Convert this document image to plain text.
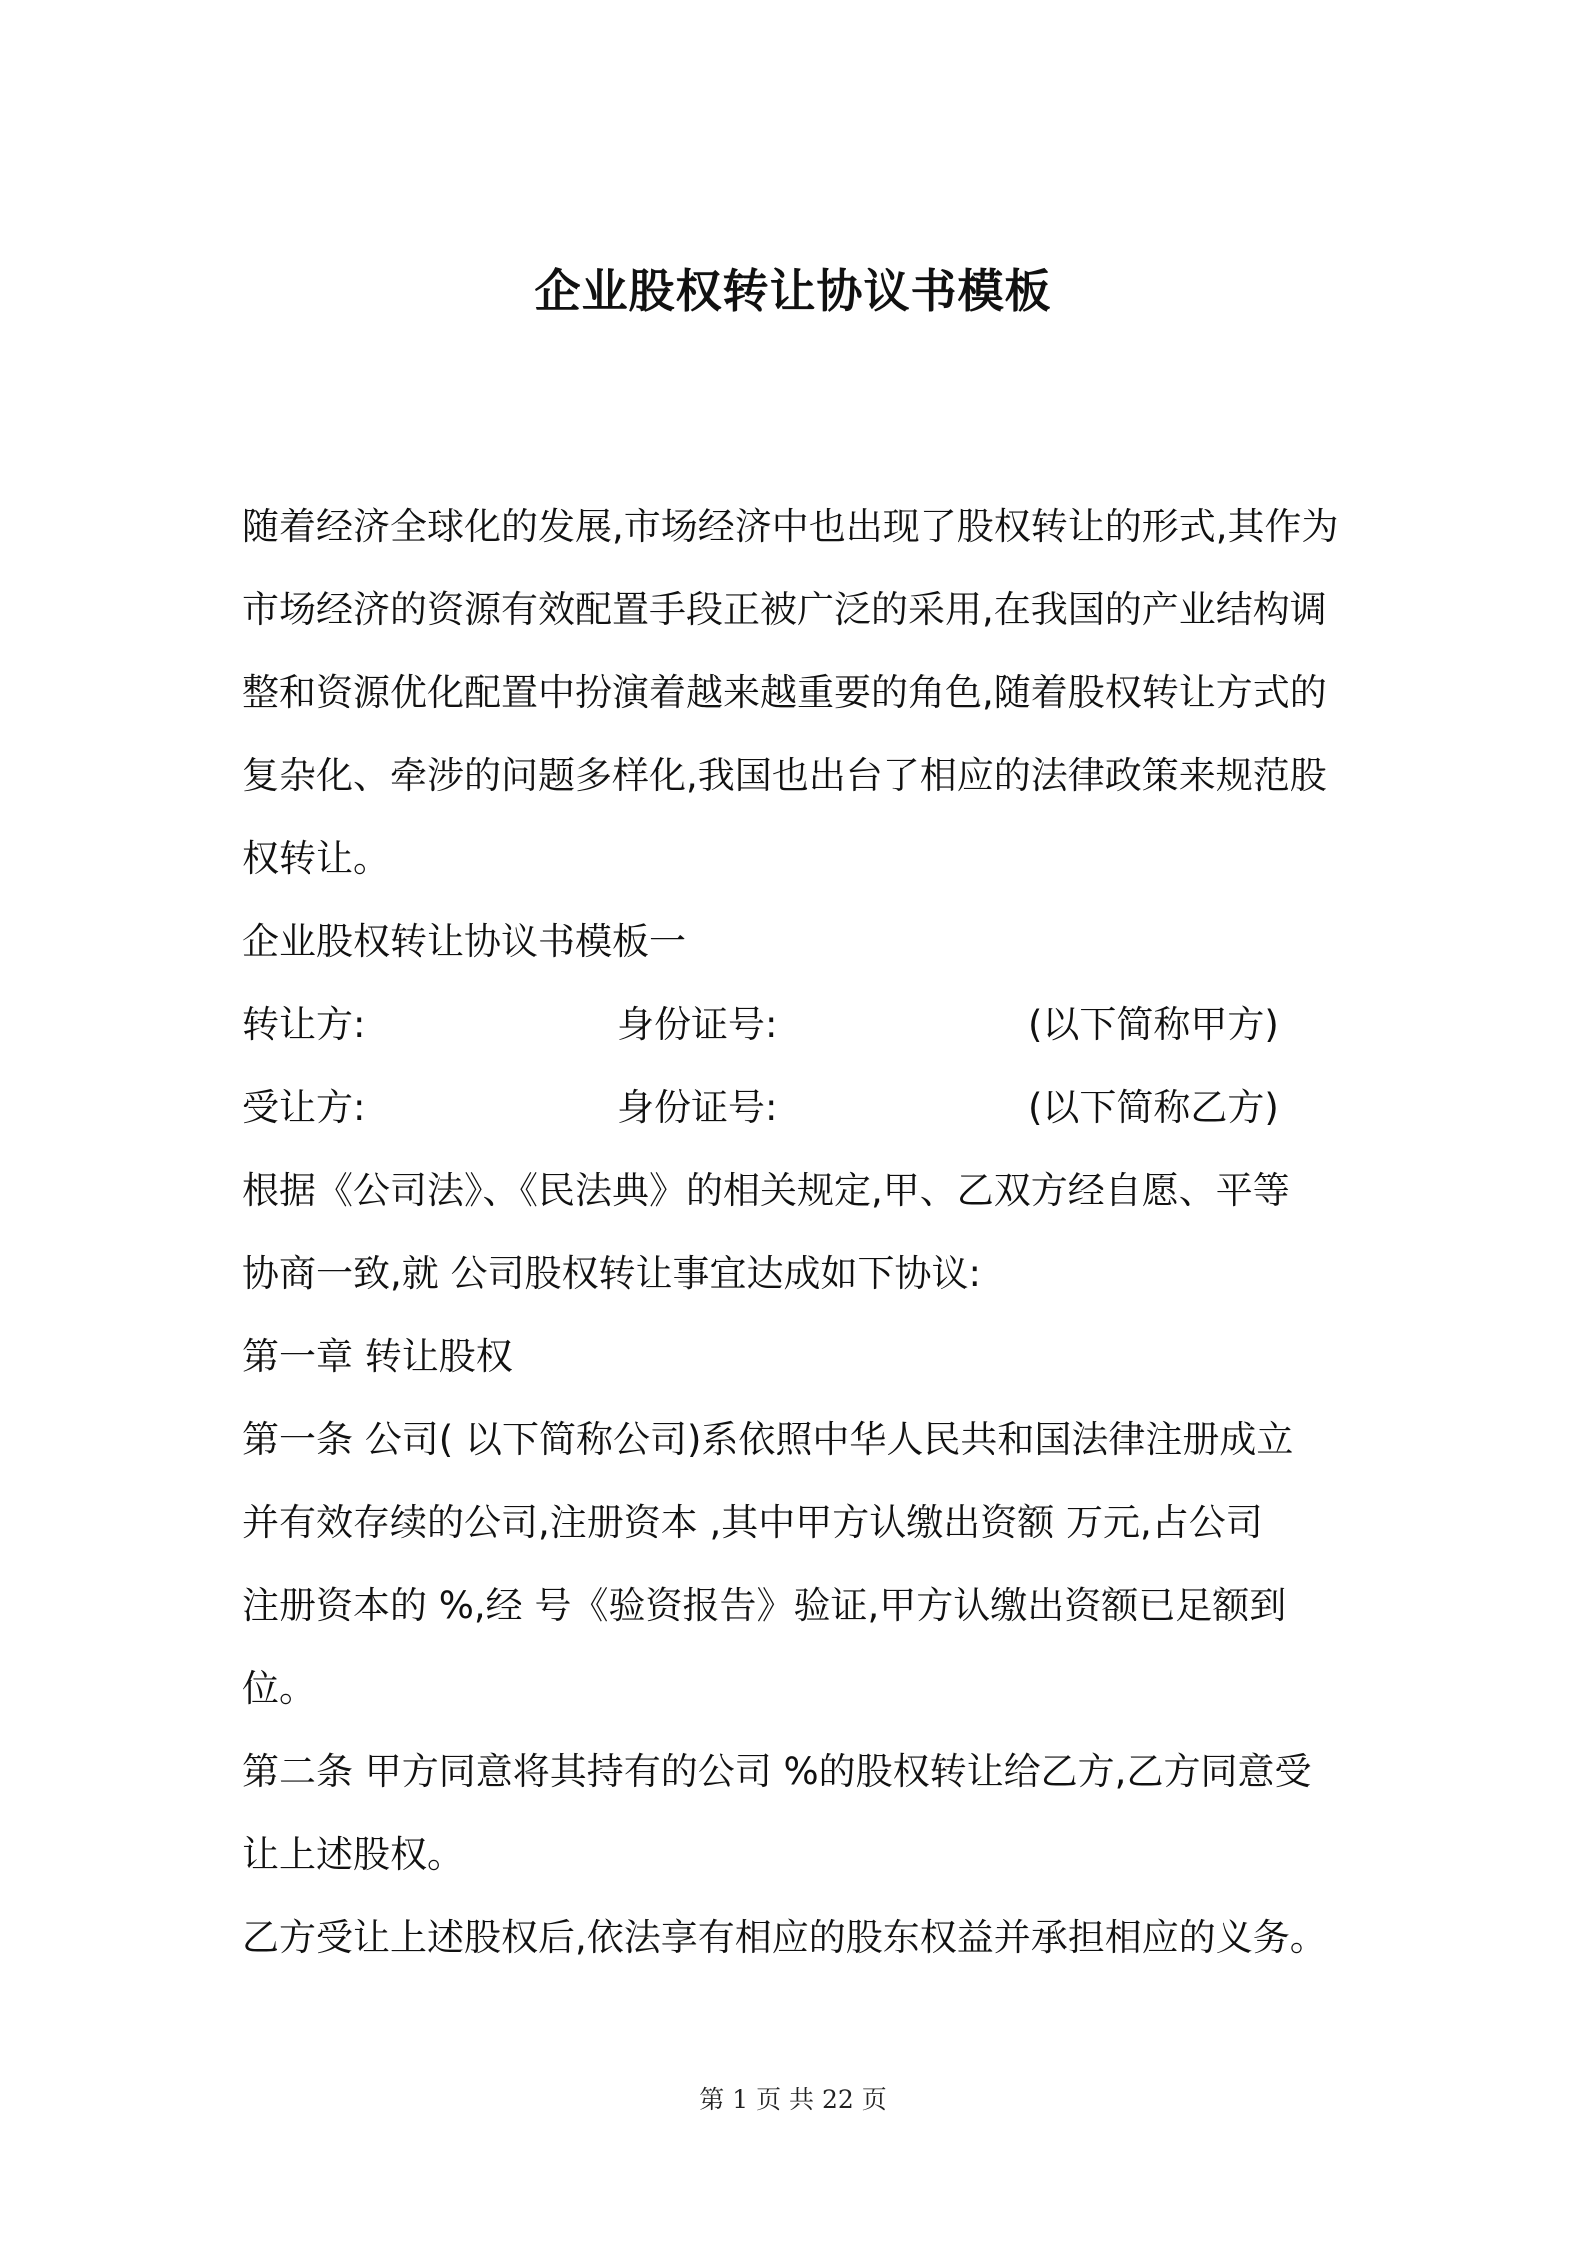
企业股权转让协议书模板
随着经济全球化的发展,市场经济中也出现了股权转让的形式,其作为
市场经济的资源有效配置手段正被广泛的采用,在我国的产业结构调
整和资源优化配置中扮演着越来越重要的角色,随着股权转让方式的
复杂化、牵涉的问题多样化,我国也出台了相应的法律政策来规范股
权转让。
企业股权转让协议书模板一
转让方:	身份证号:	(以下简称甲方)
受让方:	身份证号:	(以下简称乙方)
根据《公司法》、《民法典》的相关规定,甲、乙双方经自愿、平等
协商一致,就 公司股权转让事宜达成如下协议:
第一章 转让股权
第一条 公司( 以下简称公司)系依照中华人民共和国法律注册成立
并有效存续的公司,注册资本 ,其中甲方认缴出资额 万元,占公司
注册资本的 %,经 号《验资报告》验证,甲方认缴出资额已足额到
位。
第二条 甲方同意将其持有的公司 %的股权转让给乙方,乙方同意受
让上述股权。
乙方受让上述股权后,依法享有相应的股东权益并承担相应的义务。
第 1 页 共 22 页
